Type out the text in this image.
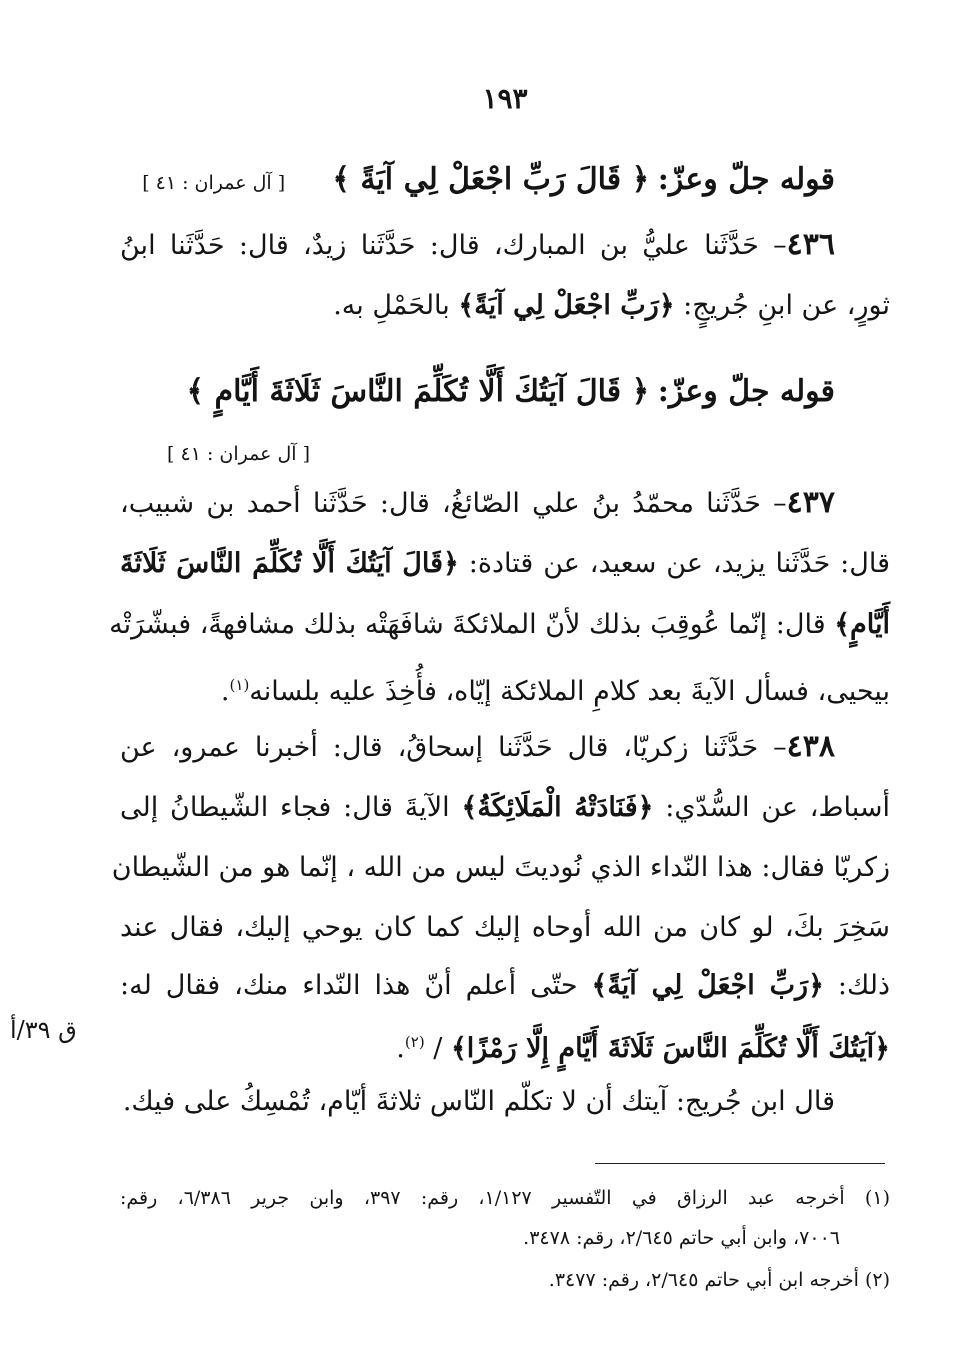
١٩٣
ق ٣٩/أ
قوله جلّ وعزّ: ﴿ قَالَ رَبِّ اجْعَلْ لِي آيَةً ﴾  [ آل عمران : ٤١ ]
٤٣٦– حَدَّثَنا عليُّ بن المبارك، قال: حَدَّثَنا زيدٌ، قال: حَدَّثَنا ابنُ
ثورٍ، عن ابنِ جُريجٍ: ﴿رَبِّ اجْعَلْ لِي آيَةً﴾ بالحَمْلِ به.
قوله جلّ وعزّ: ﴿ قَالَ آيَتُكَ أَلَّا تُكَلِّمَ النَّاسَ ثَلَاثَةَ أَيَّامٍ ﴾
[ آل عمران : ٤١ ]
٤٣٧– حَدَّثَنا محمّدُ بنُ علي الصّائغُ، قال: حَدَّثَنا أحمد بن شبيب،
قال: حَدَّثَنا يزيد، عن سعيد، عن قتادة: ﴿قَالَ آيَتُكَ أَلَّا تُكَلِّمَ النَّاسَ ثَلَاثَةَ
أَيَّامٍ﴾ قال: إنّما عُوقِبَ بذلك لأنّ الملائكةَ شافَهَتْه بذلك مشافهةً، فبشّرَتْه
بيحيى، فسأل الآيةَ بعد كلامِ الملائكة إيّاه، فأُخِذَ عليه بلسانه$^{(١)}$.
٤٣٨– حَدَّثَنا زكريّا، قال حَدَّثَنا إسحاقُ، قال: أخبرنا عمرو، عن
أسباط، عن السُّدّي: ﴿فَنَادَتْهُ الْمَلَائِكَةُ﴾ الآيةَ قال: فجاء الشّيطانُ إلى
زكريّا فقال: هذا النّداء الذي نُوديتَ ليس من الله ، إنّما هو من الشّيطان
سَخِرَ بكَ، لو كان من الله أوحاه إليك كما كان يوحي إليك، فقال عند
ذلك: ﴿رَبِّ اجْعَلْ لِي آيَةً﴾ حتّى أعلم أنّ هذا النّداء منك، فقال له:
﴿آيَتُكَ أَلَّا تُكَلِّمَ النَّاسَ ثَلَاثَةَ أَيَّامٍ إِلَّا رَمْزًا﴾ / $^{(٢)}$.
قال ابن جُريج: آيتك أن لا تكلّم النّاس ثلاثةَ أيّام، تُمْسِكُ على فيك.
(١) أخرجه عبد الرزاق في التّفسير ١/١٢٧، رقم: ٣٩٧، وابن جرير ٦/٣٨٦، رقم:
٧٠٠٦، وابن أبي حاتم ٢/٦٤٥، رقم: ٣٤٧٨.
(٢) أخرجه ابن أبي حاتم ٢/٦٤٥، رقم: ٣٤٧٧.
